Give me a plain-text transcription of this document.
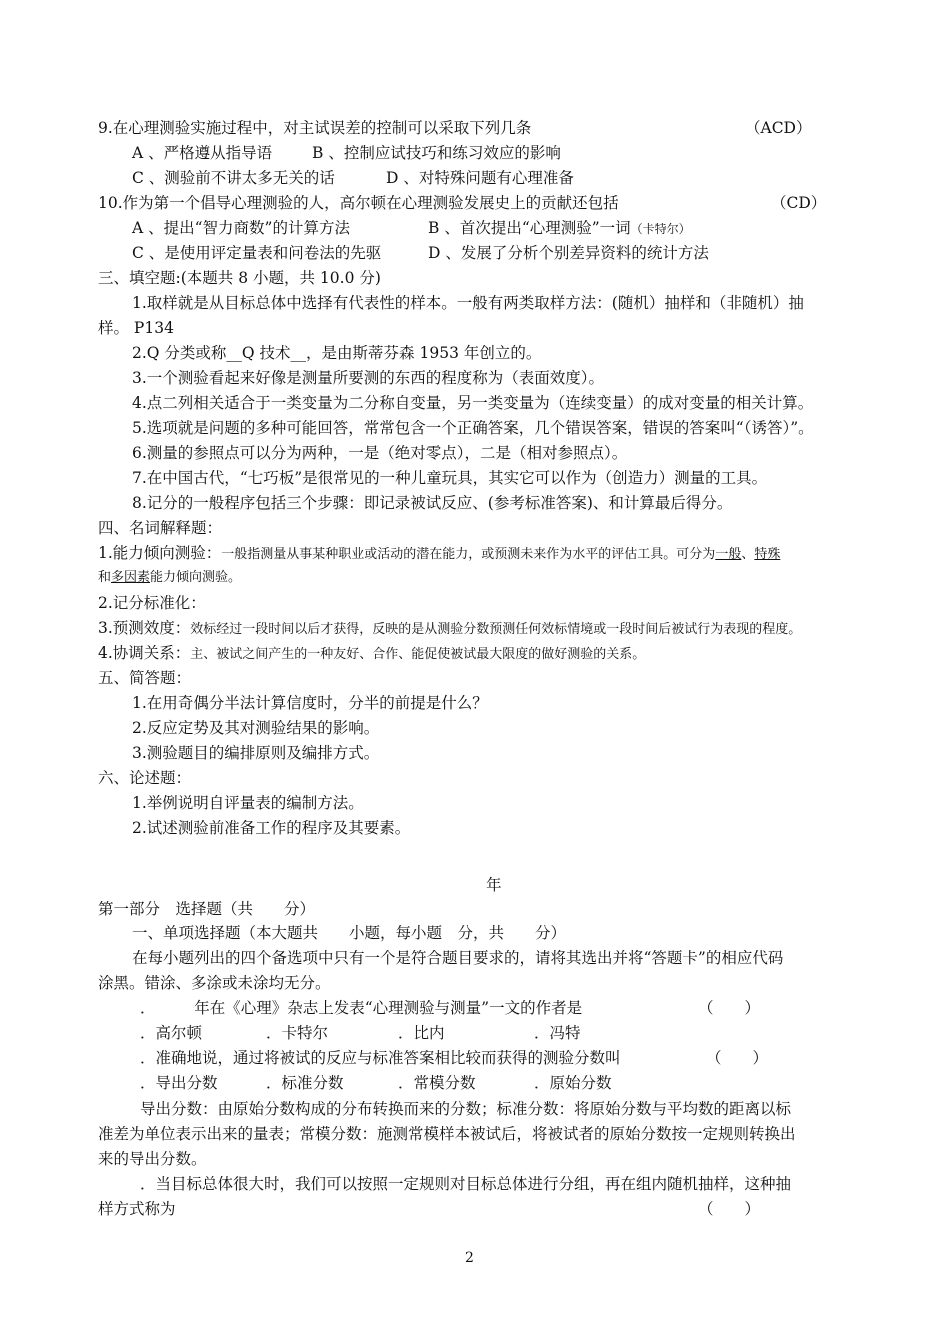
9.在心理测验实施过程中，对主试误差的控制可以采取下列几条	（ACD）
A 、严格遵从指导语	B 、控制应试技巧和练习效应的影响
C 、测验前不讲太多无关的话	D 、对特殊问题有心理准备
10.作为第一个倡导心理测验的人，高尔顿在心理测验发展史上的贡献还包括	（CD）
A 、提出“智力商数”的计算方法	B 、首次提出“心理测验”一词（卡特尔）
C 、是使用评定量表和问卷法的先驱	D 、发展了分析个别差异资料的统计方法
三、填空题:(本题共 8 小题，共 10.0 分)
1.取样就是从目标总体中选择有代表性的样本。一般有两类取样方法：(随机）抽样和（非随机）抽
样。 P134
2.Q 分类或称__Q 技术__，是由斯蒂芬森 1953 年创立的。
3.一个测验看起来好像是测量所要测的东西的程度称为（表面效度）。
4.点二列相关适合于一类变量为二分称自变量，另一类变量为（连续变量）的成对变量的相关计算。
5.选项就是问题的多种可能回答，常常包含一个正确答案，几个错误答案，错误的答案叫“（诱答）”。
6.测量的参照点可以分为两种，一是（绝对零点），二是（相对参照点）。
7.在中国古代，“七巧板”是很常见的一种儿童玩具，其实它可以作为（创造力）测量的工具。
8.记分的一般程序包括三个步骤：即记录被试反应、(参考标准答案)、和计算最后得分。
四、名词解释题：
1.能力倾向测验：一般指测量从事某种职业或活动的潜在能力，或预测未来作为水平的评估工具。可分为一般、特殊
和多因素能力倾向测验。
2.记分标准化：
3.预测效度：效标经过一段时间以后才获得，反映的是从测验分数预测任何效标情境或一段时间后被试行为表现的程度。
4.协调关系：主、被试之间产生的一种友好、合作、能促使被试最大限度的做好测验的关系。
五、简答题：
1.在用奇偶分半法计算信度时，分半的前提是什么？
2.反应定势及其对测验结果的影响。
3.测验题目的编排原则及编排方式。
六、论述题：
1.举例说明自评量表的编制方法。
2.试述测验前准备工作的程序及其要素。
年
第一部分　选择题（共　　分）
一、单项选择题（本大题共　　小题，每小题　分，共　　分）
在每小题列出的四个备选项中只有一个是符合题目要求的，请将其选出并将“答题卡”的相应代码
涂黑。错涂、多涂或未涂均无分。
．　　　年在《心理》杂志上发表“心理测验与测量”一文的作者是	（　　）
．高尔顿	．卡特尔	．比内	．冯特
．准确地说，通过将被试的反应与标准答案相比较而获得的测验分数叫	（　　）
．导出分数	．标准分数	．常模分数	．原始分数
导出分数：由原始分数构成的分布转换而来的分数；标准分数：将原始分数与平均数的距离以标
准差为单位表示出来的量表；常模分数：施测常模样本被试后，将被试者的原始分数按一定规则转换出
来的导出分数。
．当目标总体很大时，我们可以按照一定规则对目标总体进行分组，再在组内随机抽样，这种抽
样方式称为	（　　）
2
